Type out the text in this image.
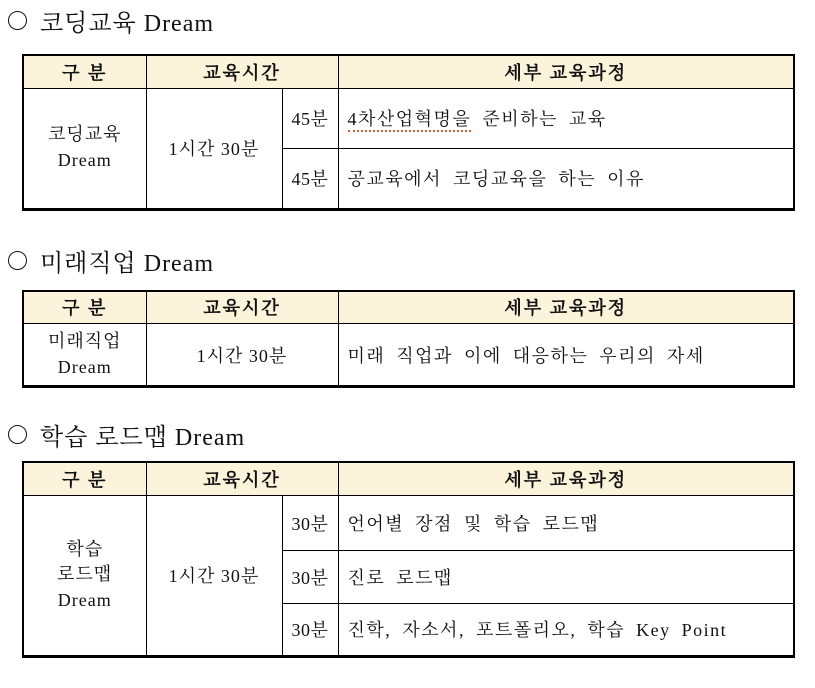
코딩교육 Dream
구 분	교육시간		세부 교육과정

코딩교육
Dream	1시간 30분	45분	4차산업혁명을 준비하는 교육
		45분	공교육에서 코딩교육을 하는 이유
미래직업 Dream
구 분	교육시간	세부 교육과정

미래직업
Dream	1시간 30분	미래 직업과 이에 대응하는 우리의 자세
학습 로드맵 Dream
구 분	교육시간		세부 교육과정

학습
로드맵
Dream	1시간 30분	30분	언어별 장점 및 학습 로드맵
		30분	진로 로드맵
		30분	진학, 자소서, 포트폴리오, 학습 Key Point
